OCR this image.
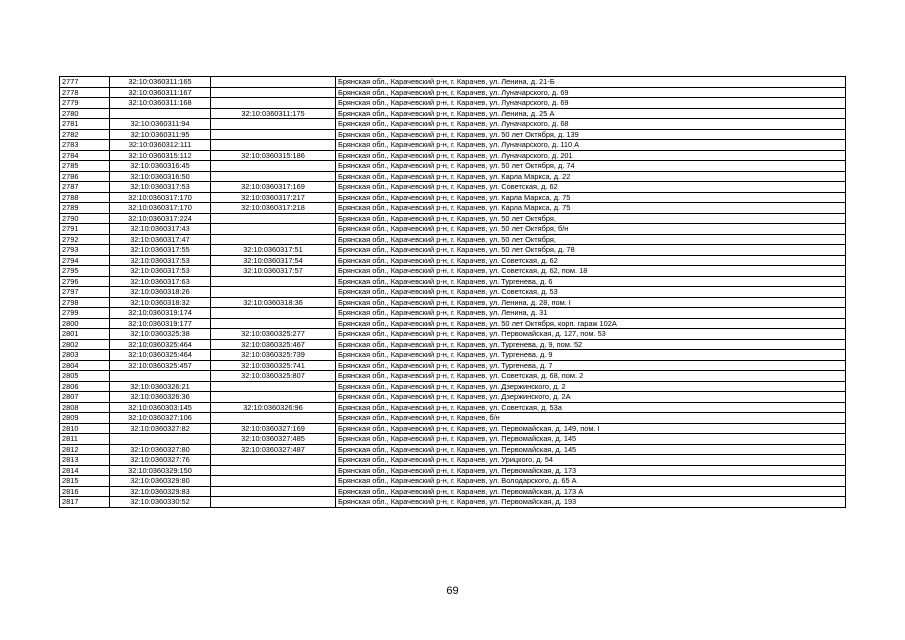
2777	32:10:0360311:165		Брянская обл., Карачевский р-н, г. Карачев, ул. Ленина, д. 21-Б
2778	32:10:0360311:167		Брянская обл., Карачевский р-н, г. Карачев, ул. Луначарского, д. 69
2779	32:10:0360311:168		Брянская обл., Карачевский р-н, г. Карачев, ул. Луначарского, д. 69
2780		32:10:0360311:175	Брянская обл., Карачевский р-н, г. Карачев, ул. Ленина, д. 25 А
2781	32:10:0360311:94		Брянская обл., Карачевский р-н, г. Карачев, ул. Луначарского, д. 68
2782	32:10:0360311:95		Брянская обл., Карачевский р-н, г. Карачев, ул. 50 лет Октября, д. 139
2783	32:10:0360312:111		Брянская обл., Карачевский р-н, г. Карачев, ул. Луначарского, д. 110 А
2784	32:10:0360315:112	32:10:0360315:186	Брянская обл., Карачевский р-н, г. Карачев, ул. Луначарского, д. 201
2785	32:10:0360316:45		Брянская обл., Карачевский р-н, г. Карачев, ул. 50 лет Октября, д. 74
2786	32:10:0360316:50		Брянская обл., Карачевский р-н, г. Карачев, ул. Карла Маркса, д. 22
2787	32:10:0360317:53	32:10:0360317:169	Брянская обл., Карачевский р-н, г. Карачев, ул. Советская, д. 62
2788	32:10:0360317:170	32:10:0360317:217	Брянская обл., Карачевский р-н, г. Карачев, ул. Карла Маркса, д. 75
2789	32:10:0360317:170	32:10:0360317:218	Брянская обл., Карачевский р-н, г. Карачев, ул. Карла Маркса, д. 75
2790	32:10:0360317:224		Брянская обл., Карачевский р-н, г. Карачев, ул. 50 лет Октября,
2791	32:10:0360317:43		Брянская обл., Карачевский р-н, г. Карачев, ул. 50 лет Октября, б/н
2792	32:10:0360317:47		Брянская обл., Карачевский р-н, г. Карачев, ул. 50 лет Октября,
2793	32:10:0360317:55	32:10:0360317:51	Брянская обл., Карачевский р-н, г. Карачев, ул. 50 лет Октября, д. 78
2794	32:10:0360317:53	32:10:0360317:54	Брянская обл., Карачевский р-н, г. Карачев, ул. Советская, д. 62
2795	32:10:0360317:53	32:10:0360317:57	Брянская обл., Карачевский р-н, г. Карачев, ул. Советская, д. 62, пом. 18
2796	32:10:0360317:63		Брянская обл., Карачевский р-н, г. Карачев, ул. Тургенева, д. 6
2797	32:10:0360318:26		Брянская обл., Карачевский р-н, г. Карачев, ул. Советская, д. 53
2798	32:10:0360318:32	32:10:0360318:36	Брянская обл., Карачевский р-н, г. Карачев, ул. Ленина, д. 28, пом. I
2799	32:10:0360319:174		Брянская обл., Карачевский р-н, г. Карачев, ул. Ленина, д. 31
2800	32:10:0360319:177		Брянская обл., Карачевский р-н, г. Карачев, ул. 50 лет Октября, корп. гараж 102А
2801	32:10:0360325:38	32:10:0360325:277	Брянская обл., Карачевский р-н, г. Карачев, ул. Первомайская, д. 127, пом. 53
2802	32:10:0360325:464	32:10:0360325:467	Брянская обл., Карачевский р-н, г. Карачев, ул. Тургенева, д. 9, пом. 52
2803	32:10:0360325:464	32:10:0360325:739	Брянская обл., Карачевский р-н, г. Карачев, ул. Тургенева, д. 9
2804	32:10:0360325:457	32:10:0360325:741	Брянская обл., Карачевский р-н, г. Карачев, ул. Тургенева, д. 7
2805		32:10:0360325:807	Брянская обл., Карачевский р-н, г. Карачев, ул. Советская, д. 68, пом. 2
2806	32:10:0360326:21		Брянская обл., Карачевский р-н, г. Карачев, ул. Дзержинского, д. 2
2807	32:10:0360326:36		Брянская обл., Карачевский р-н, г. Карачев, ул. Дзержинского, д. 2А
2808	32:10:0360303:145	32:10:0360326:96	Брянская обл., Карачевский р-н, г. Карачев, ул. Советская, д. 53а
2809	32:10:0360327:106		Брянская обл., Карачевский р-н, г. Карачев, б/н
2810	32:10:0360327:82	32:10:0360327:169	Брянская обл., Карачевский р-н, г. Карачев, ул. Первомайская, д. 149, пом. I
2811		32:10:0360327:485	Брянская обл., Карачевский р-н, г. Карачев, ул. Первомайская, д. 145
2812	32:10:0360327:80	32:10:0360327:487	Брянская обл., Карачевский р-н, г. Карачев, ул. Первомайская, д. 145
2813	32:10:0360327:76		Брянская обл., Карачевский р-н, г. Карачев, ул. Урицкого, д. 54
2814	32:10:0360329:150		Брянская обл., Карачевский р-н, г. Карачев, ул. Первомайская, д. 173
2815	32:10:0360329:80		Брянская обл., Карачевский р-н, г. Карачев, ул. Володарского, д. 65 А
2816	32:10:0360329:83		Брянская обл., Карачевский р-н, г. Карачев, ул. Первомайская, д. 173 А
2817	32:10:0360330:52		Брянская обл., Карачевский р-н, г. Карачев, ул. Первомайская, д. 193
69
